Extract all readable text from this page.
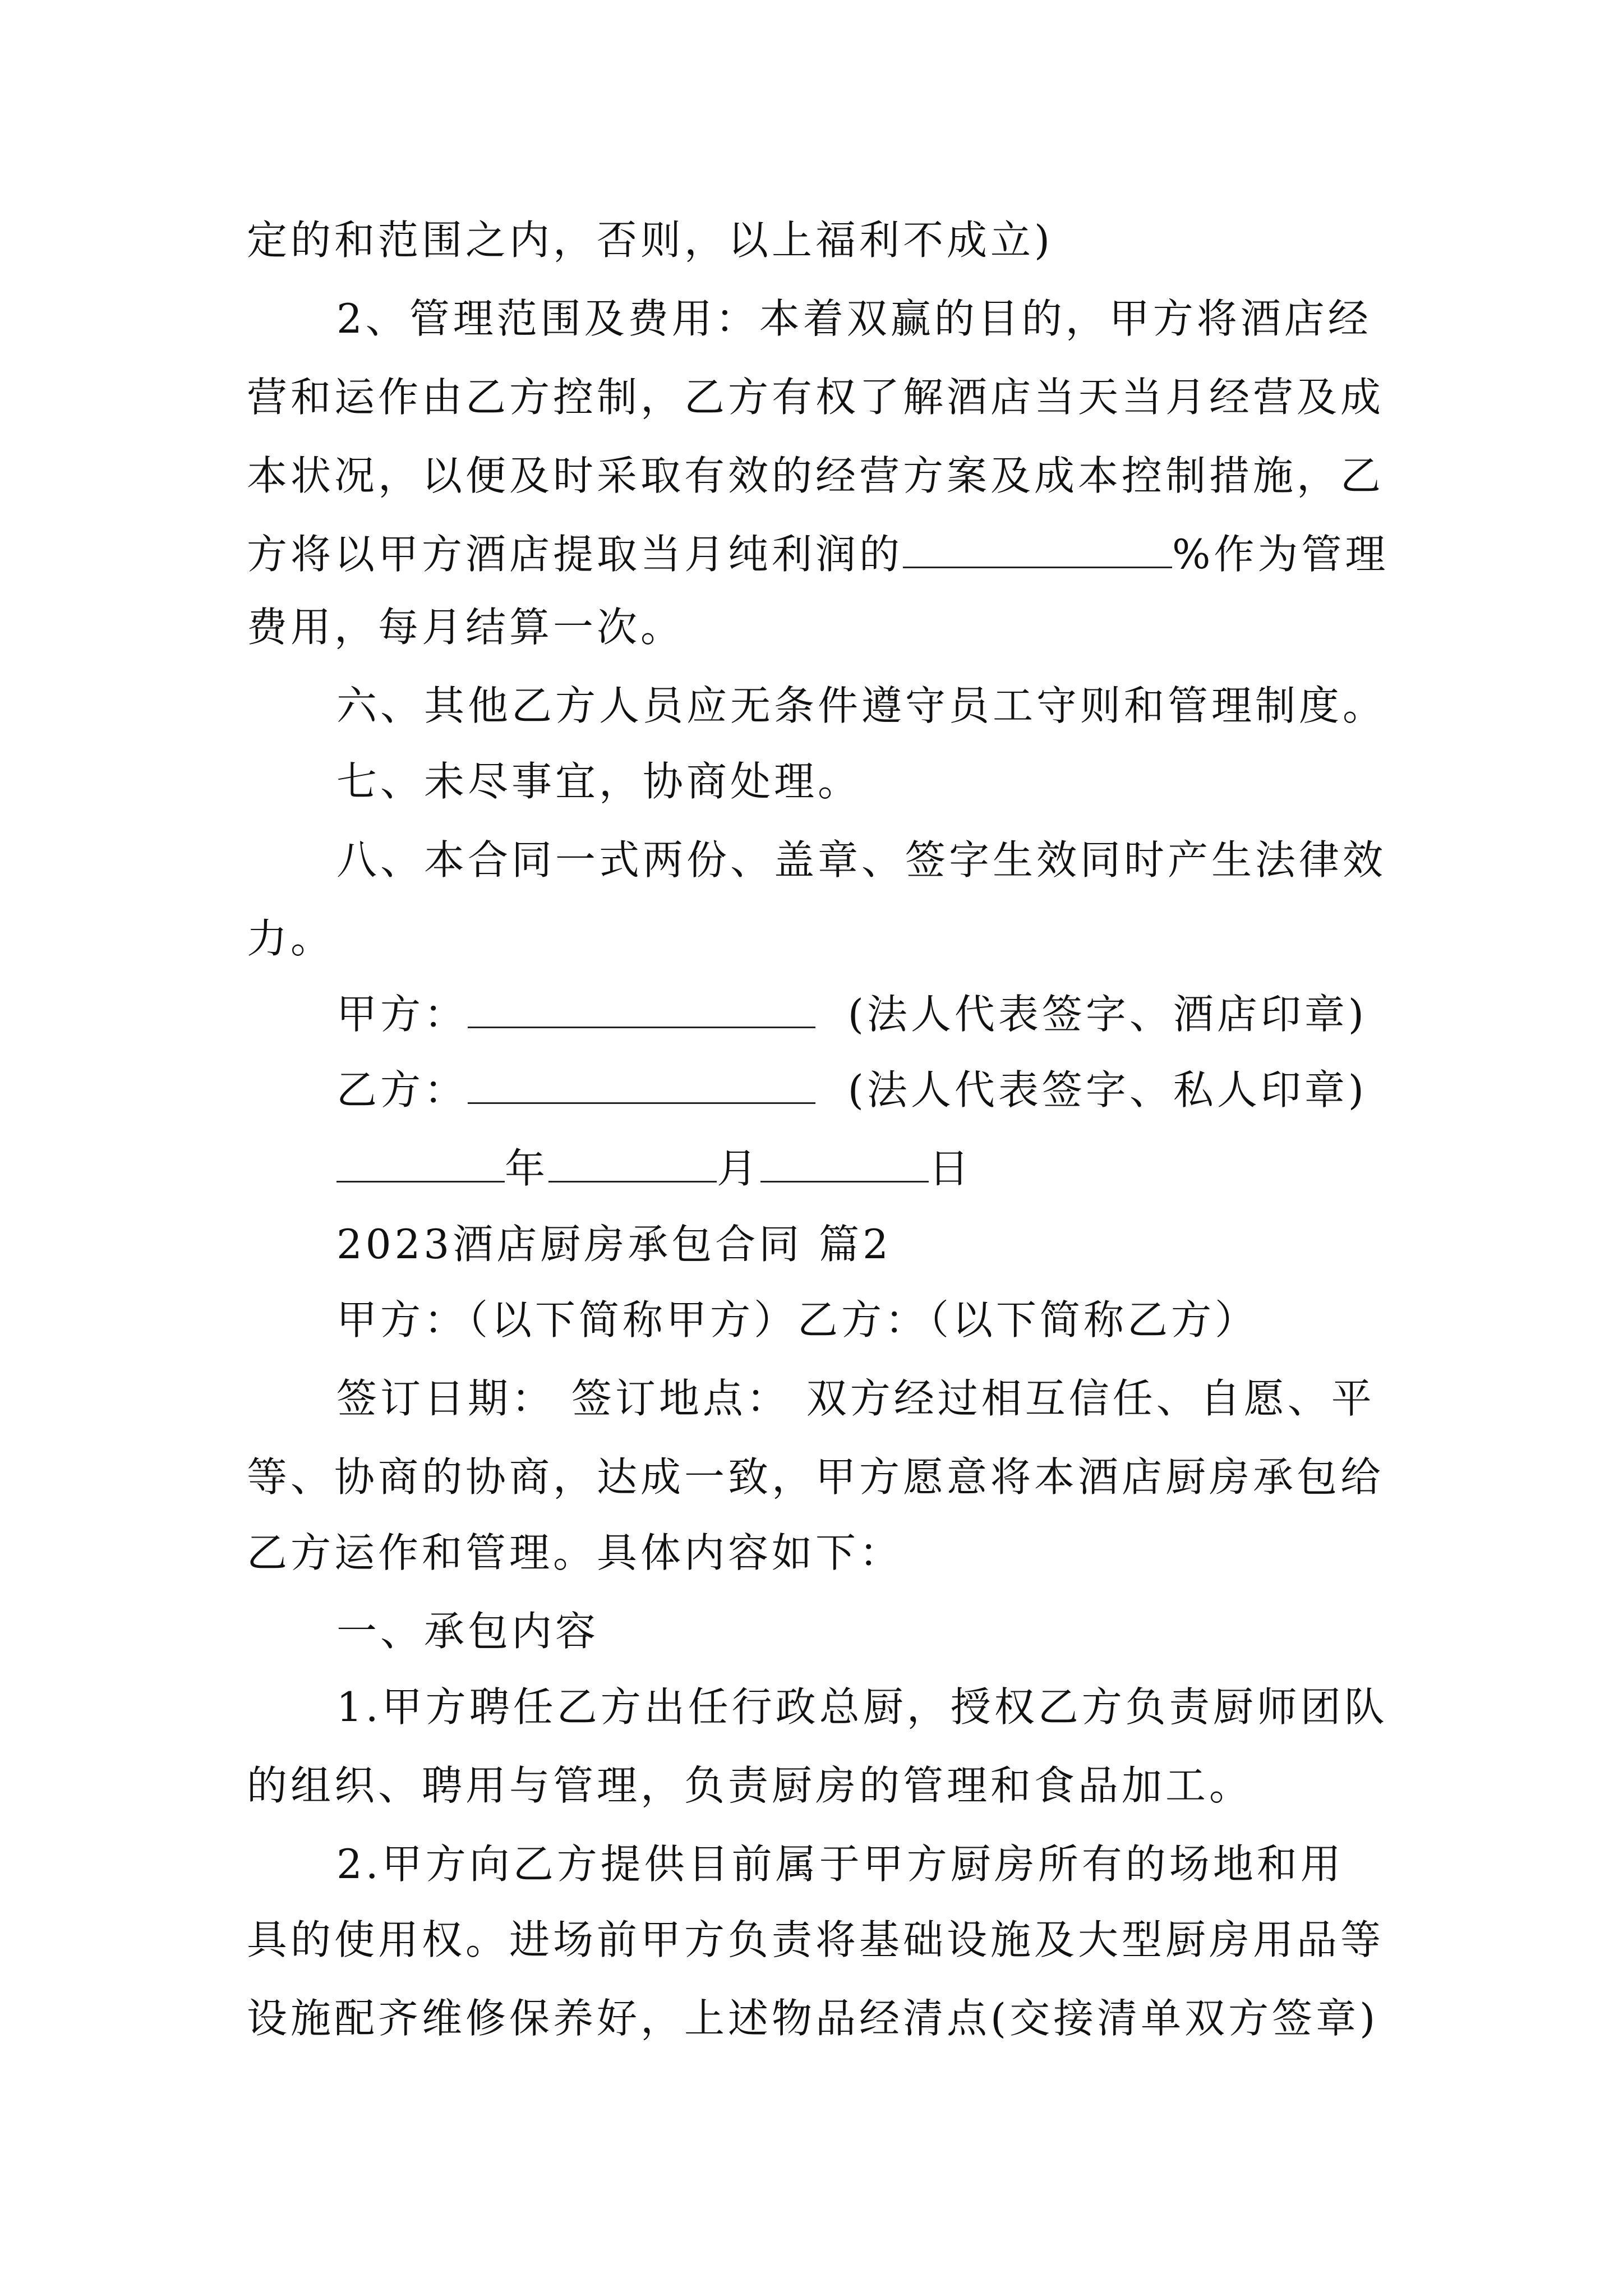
定的和范围之内，否则，以上福利不成立)
2、管理范围及费用：本着双赢的目的，甲方将酒店经
营和运作由乙方控制，乙方有权了解酒店当天当月经营及成
本状况，以便及时采取有效的经营方案及成本控制措施，乙
方将以甲方酒店提取当月纯利润的	%作为管理
费用，每月结算一次。
六、其他乙方人员应无条件遵守员工守则和管理制度。
七、未尽事宜，协商处理。
八、本合同一式两份、盖章、签字生效同时产生法律效
力。
甲方：	(法人代表签字、酒店印章)
乙方：	(法人代表签字、私人印章)
年	月	日
2023酒店厨房承包合同 篇2
甲方：（以下简称甲方）乙方：（以下简称乙方）
签订日期： 签订地点： 双方经过相互信任、自愿、平
等、协商的协商，达成一致，甲方愿意将本酒店厨房承包给
乙方运作和管理。具体内容如下：
一、承包内容
1.甲方聘任乙方出任行政总厨，授权乙方负责厨师团队
的组织、聘用与管理，负责厨房的管理和食品加工。
2.甲方向乙方提供目前属于甲方厨房所有的场地和用
具的使用权。进场前甲方负责将基础设施及大型厨房用品等
设施配齐维修保养好，上述物品经清点(交接清单双方签章)
